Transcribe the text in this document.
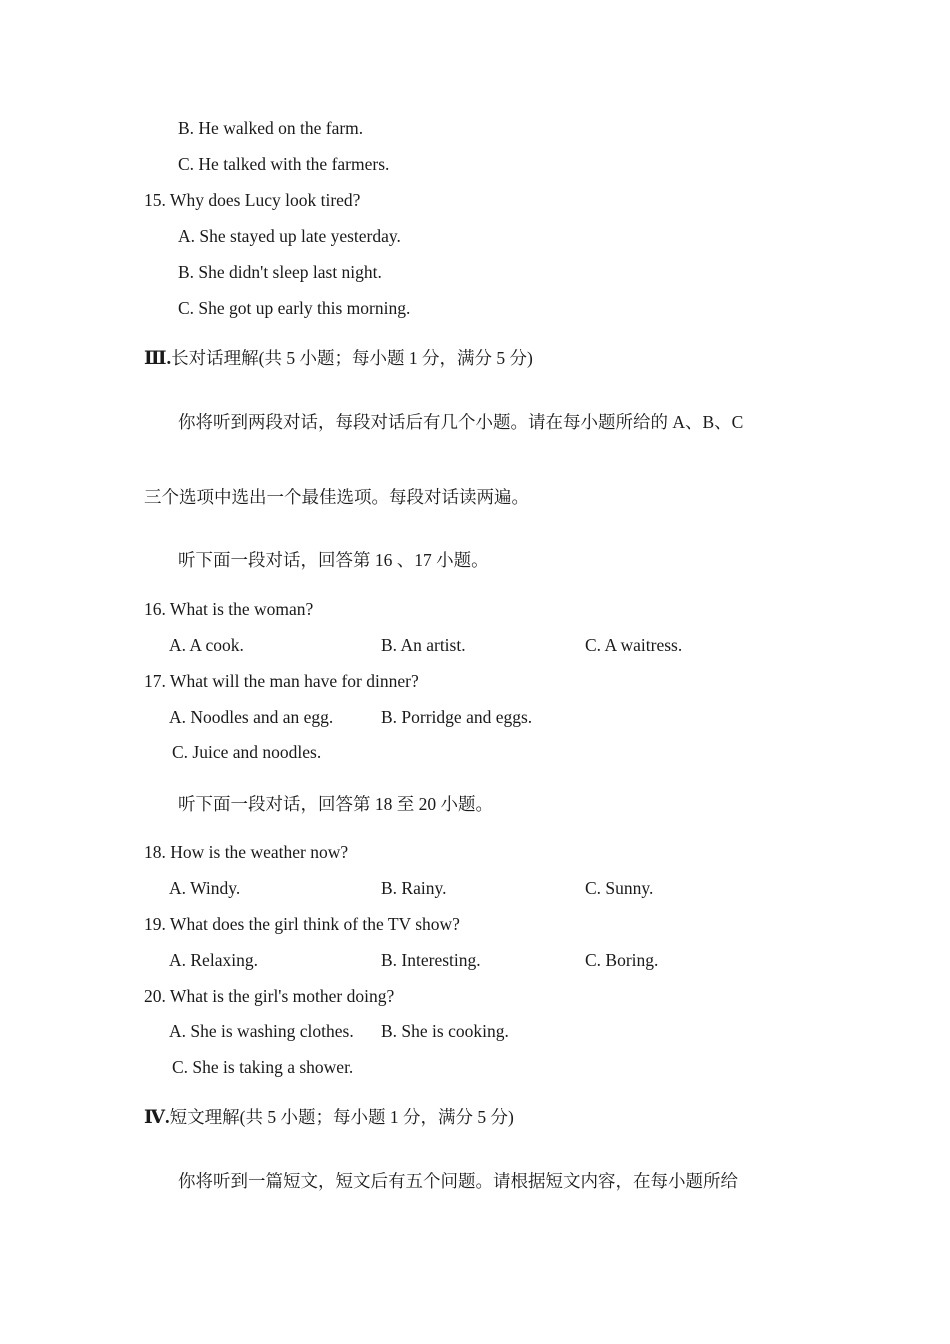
B. He walked on the farm.
C. He talked with the farmers.
15. Why does Lucy look tired?
A. She stayed up late yesterday.
B. She didn't sleep last night.
C. She got up early this morning.
Ⅲ.长对话理解(共 5 小题；每小题 1 分，满分 5 分)
你将听到两段对话，每段对话后有几个小题。请在每小题所给的 A、B、C
三个选项中选出一个最佳选项。每段对话读两遍。
听下面一段对话，回答第 16 、17 小题。
16. What is the woman?
A. A cook.	B. An artist.	C. A waitress.
17. What will the man have for dinner?
A. Noodles and an egg.	B. Porridge and eggs.
C. Juice and noodles.
听下面一段对话，回答第 18 至 20 小题。
18. How is the weather now?
A. Windy.	B. Rainy.	C. Sunny.
19. What does the girl think of the TV show?
A. Relaxing.	B. Interesting.	C. Boring.
20. What is the girl's mother doing?
A. She is washing clothes. B. She is cooking.
C. She is taking a shower.
Ⅳ.短文理解(共 5 小题；每小题 1 分，满分 5 分)
你将听到一篇短文，短文后有五个问题。请根据短文内容，在每小题所给
